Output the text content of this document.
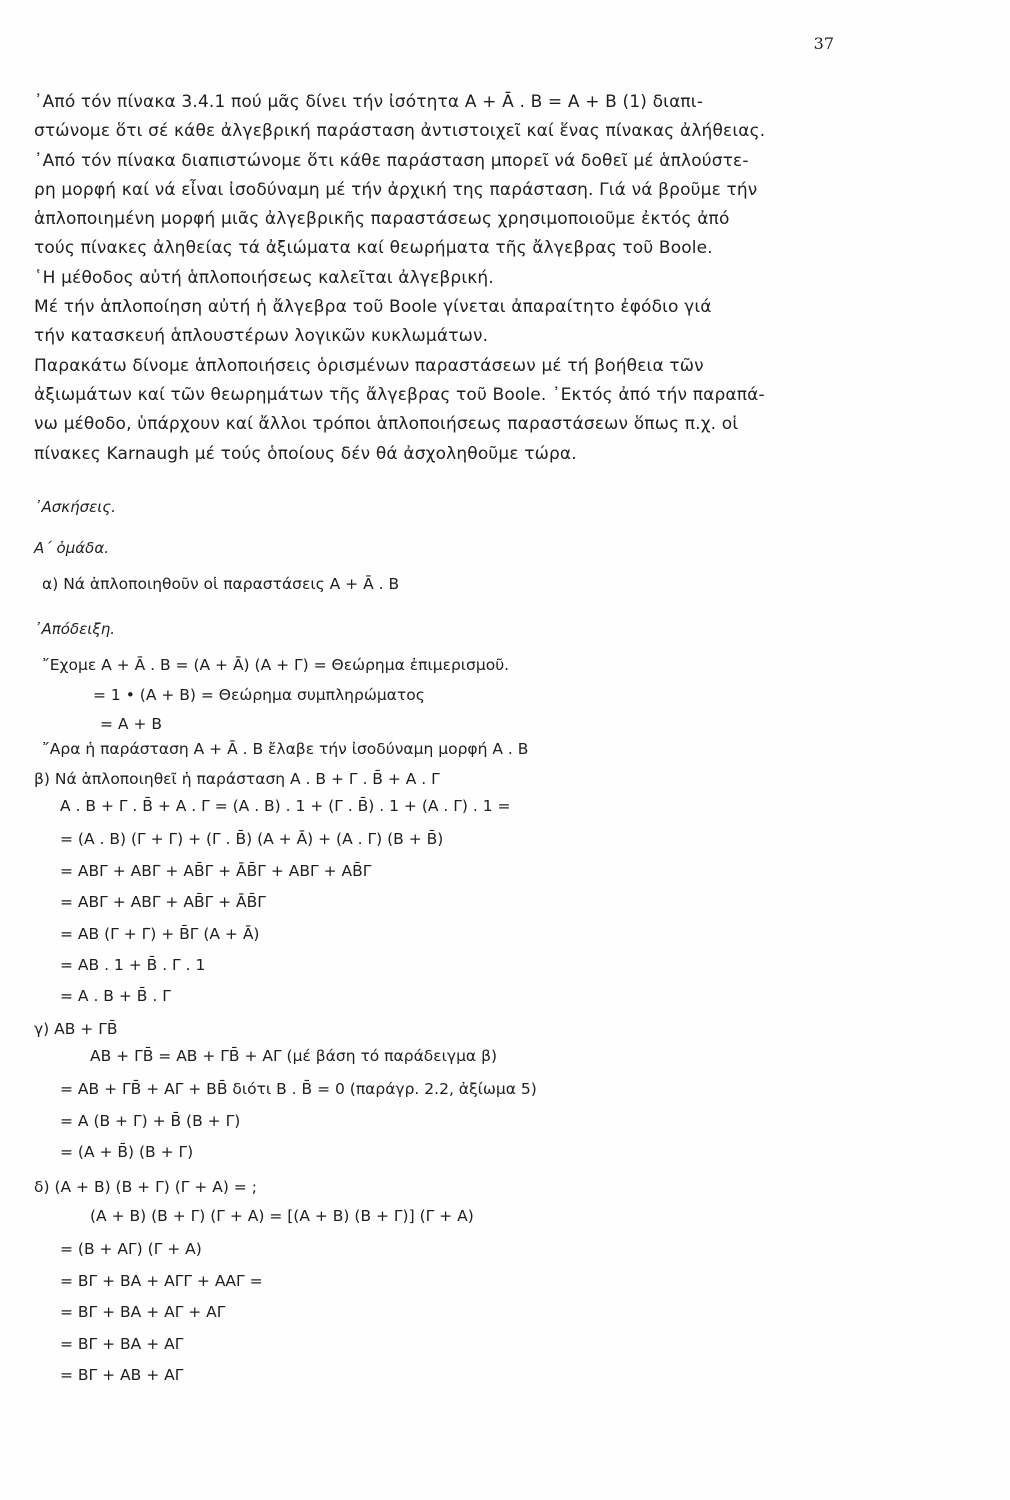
37
᾿Από τόν πίνακα 3.4.1 πού μᾶς δίνει τήν ἰσότητα Α + Ā . Β = Α + Β (1) διαπι-
στώνομε ὅτι σέ κάθε ἀλγεβρική παράσταση ἀντιστοιχεῖ καί ἕνας πίνακας ἀλήθειας.
᾿Από τόν πίνακα διαπιστώνομε ὅτι κάθε παράσταση μπορεῖ νά δοθεῖ μέ ἁπλούστε-
ρη μορφή καί νά εἶναι ἰσοδύναμη μέ τήν ἀρχική της παράσταση. Γιά νά βροῦμε τήν
ἁπλοποιημένη μορφή μιᾶς ἀλγεβρικῆς παραστάσεως χρησιμοποιοῦμε ἐκτός ἀπό
τούς πίνακες ἀληθείας τά ἀξιώματα καί θεωρήματα τῆς ἄλγεβρας τοῦ Boole.
῾Η μέθοδος αὐτή ἁπλοποιήσεως καλεῖται ἀλγεβρική.
Μέ τήν ἁπλοποίηση αὐτή ἡ ἄλγεβρα τοῦ Boole γίνεται ἀπαραίτητο ἐφόδιο γιά
τήν κατασκευή ἁπλουστέρων λογικῶν κυκλωμάτων.
Παρακάτω δίνομε ἁπλοποιήσεις ὁρισμένων παραστάσεων μέ τή βοήθεια τῶν
ἀξιωμάτων καί τῶν θεωρημάτων τῆς ἄλγεβρας τοῦ Boole. ᾿Εκτός ἀπό τήν παραπά-
νω μέθοδο, ὑπάρχουν καί ἄλλοι τρόποι ἁπλοποιήσεως παραστάσεων ὅπως π.χ. οἱ
πίνακες Karnaugh μέ τούς ὁποίους δέν θά ἀσχοληθοῦμε τώρα.
᾿Ασκήσεις.
Α΄ ὁμάδα.
α) Νά ἁπλοποιηθοῦν οἱ παραστάσεις Α + Ā . Β
᾿Απόδειξη.
῎Εχομε Α + Ā . Β = (Α + Ā) (Α + Γ) = Θεώρημα ἐπιμερισμοῦ.
= 1 • (Α + Β) = Θεώρημα συμπληρώματος
= Α + Β
῎Αρα ἡ παράσταση Α + Ā . Β ἔλαβε τήν ἰσοδύναμη μορφή Α . Β
β) Νά ἁπλοποιηθεῖ ἡ παράσταση Α . Β + Γ . B̄ + Α . Γ
Α . Β + Γ . B̄ + Α . Γ = (Α . Β) . 1 + (Γ . B̄) . 1 + (Α . Γ) . 1 =
= (Α . Β) (Γ + Γ̄) + (Γ . B̄) (Α + Ā) + (Α . Γ) (Β + B̄)
= ΑΒΓ + ΑΒΓ̄ + ΑB̄Γ + ĀB̄Γ + ΑΒΓ + ΑB̄Γ
= ΑΒΓ + ΑΒΓ̄ + ΑB̄Γ + ĀB̄Γ
= ΑΒ (Γ + Γ̄) + B̄Γ (Α + Ā)
= ΑΒ . 1 + B̄ . Γ . 1
= Α . Β + B̄ . Γ
γ) ΑΒ + ΓB̄
ΑΒ + ΓB̄ = ΑΒ + ΓB̄ + ΑΓ (μέ βάση τό παράδειγμα β)
= ΑΒ + ΓB̄ + ΑΓ + ΒB̄ διότι Β . B̄ = 0 (παράγρ. 2.2, ἀξίωμα 5)
= Α (Β + Γ) + B̄ (Β + Γ)
= (Α + B̄) (Β + Γ)
δ) (Α + Β) (Β + Γ) (Γ + Α) = ;
(Α + Β) (Β + Γ) (Γ + Α) = [(Α + Β) (Β + Γ)] (Γ + Α)
= (Β + ΑΓ) (Γ + Α)
= ΒΓ + ΒΑ + ΑΓΓ + ΑΑΓ =
= ΒΓ + ΒΑ + ΑΓ + ΑΓ
= ΒΓ + ΒΑ + ΑΓ
= ΒΓ + ΑΒ + ΑΓ
